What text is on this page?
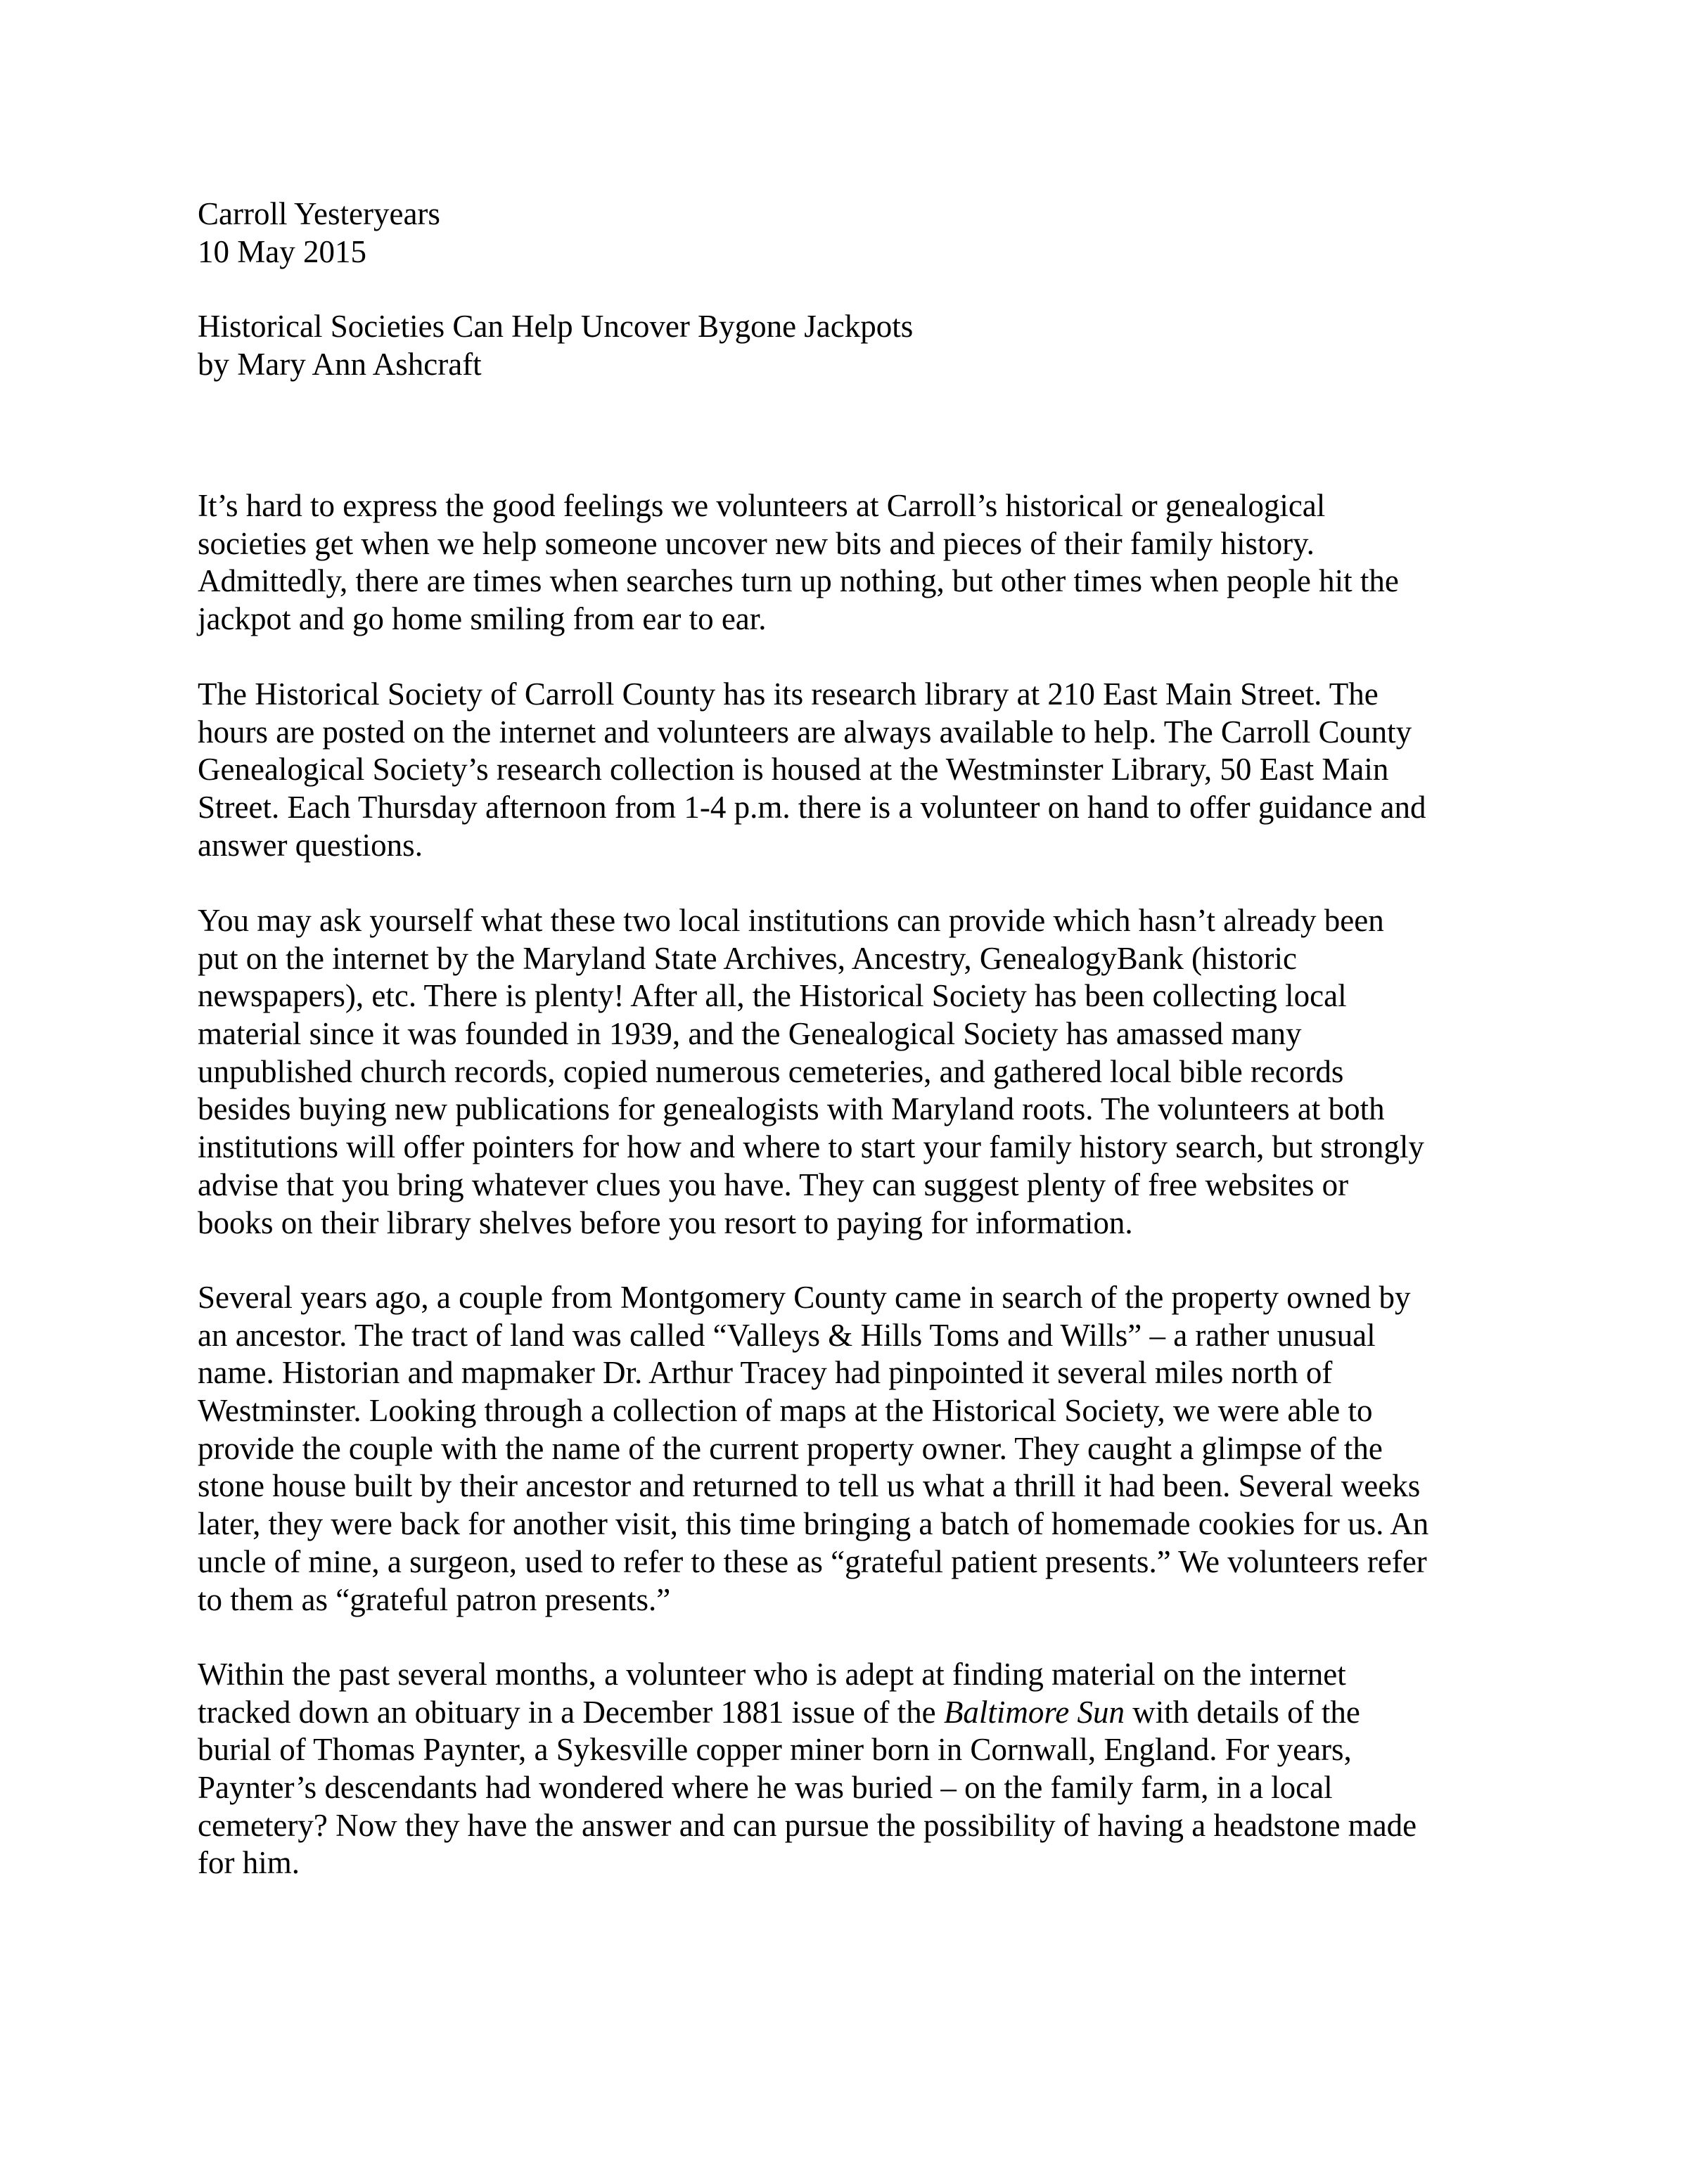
Carroll Yesteryears
10 May 2015
Historical Societies Can Help Uncover Bygone Jackpots
by Mary Ann Ashcraft
It’s hard to express the good feelings we volunteers at Carroll’s historical or genealogical
societies get when we help someone uncover new bits and pieces of their family history.
Admittedly, there are times when searches turn up nothing, but other times when people hit the
jackpot and go home smiling from ear to ear.
The Historical Society of Carroll County has its research library at 210 East Main Street. The
hours are posted on the internet and volunteers are always available to help. The Carroll County
Genealogical Society’s research collection is housed at the Westminster Library, 50 East Main
Street. Each Thursday afternoon from 1-4 p.m. there is a volunteer on hand to offer guidance and
answer questions.
You may ask yourself what these two local institutions can provide which hasn’t already been
put on the internet by the Maryland State Archives, Ancestry, GenealogyBank (historic
newspapers), etc. There is plenty! After all, the Historical Society has been collecting local
material since it was founded in 1939, and the Genealogical Society has amassed many
unpublished church records, copied numerous cemeteries, and gathered local bible records
besides buying new publications for genealogists with Maryland roots. The volunteers at both
institutions will offer pointers for how and where to start your family history search, but strongly
advise that you bring whatever clues you have. They can suggest plenty of free websites or
books on their library shelves before you resort to paying for information.
Several years ago, a couple from Montgomery County came in search of the property owned by
an ancestor. The tract of land was called “Valleys & Hills Toms and Wills” – a rather unusual
name. Historian and mapmaker Dr. Arthur Tracey had pinpointed it several miles north of
Westminster. Looking through a collection of maps at the Historical Society, we were able to
provide the couple with the name of the current property owner. They caught a glimpse of the
stone house built by their ancestor and returned to tell us what a thrill it had been. Several weeks
later, they were back for another visit, this time bringing a batch of homemade cookies for us. An
uncle of mine, a surgeon, used to refer to these as “grateful patient presents.” We volunteers refer
to them as “grateful patron presents.”
Within the past several months, a volunteer who is adept at finding material on the internet
tracked down an obituary in a December 1881 issue of the Baltimore Sun with details of the
burial of Thomas Paynter, a Sykesville copper miner born in Cornwall, England. For years,
Paynter’s descendants had wondered where he was buried – on the family farm, in a local
cemetery? Now they have the answer and can pursue the possibility of having a headstone made
for him.
